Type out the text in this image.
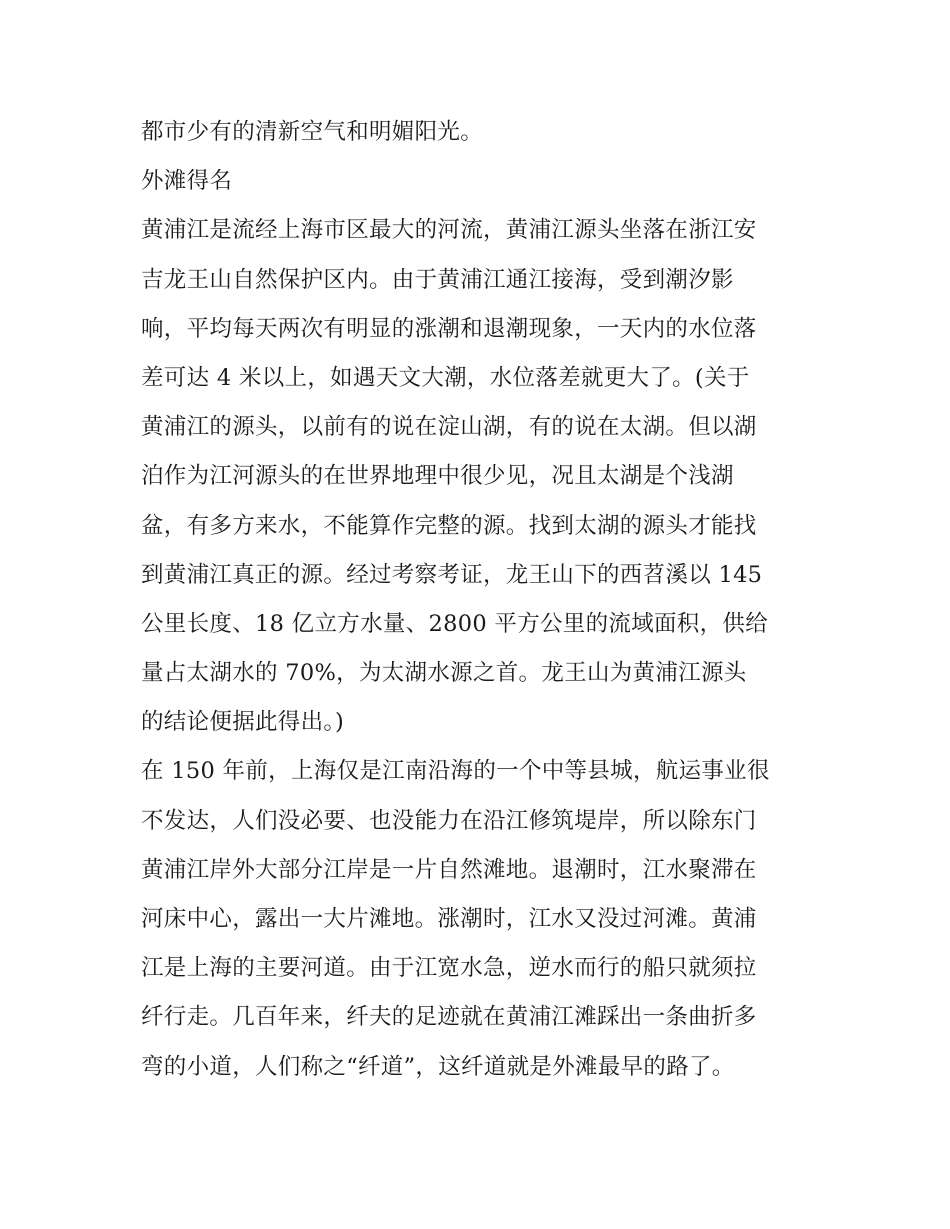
都市少有的清新空气和明媚阳光。
外滩得名
黄浦江是流经上海市区最大的河流，黄浦江源头坐落在浙江安
吉龙王山自然保护区内。由于黄浦江通江接海，受到潮汐影
响，平均每天两次有明显的涨潮和退潮现象，一天内的水位落
差可达 4 米以上，如遇天文大潮，水位落差就更大了。(关于
黄浦江的源头，以前有的说在淀山湖，有的说在太湖。但以湖
泊作为江河源头的在世界地理中很少见，况且太湖是个浅湖
盆，有多方来水，不能算作完整的源。找到太湖的源头才能找
到黄浦江真正的源。经过考察考证，龙王山下的西苕溪以 145
公里长度、18 亿立方水量、2800 平方公里的流域面积，供给
量占太湖水的 70%，为太湖水源之首。龙王山为黄浦江源头
的结论便据此得出。)
在 150 年前，上海仅是江南沿海的一个中等县城，航运事业很
不发达，人们没必要、也没能力在沿江修筑堤岸，所以除东门
黄浦江岸外大部分江岸是一片自然滩地。退潮时，江水聚滞在
河床中心，露出一大片滩地。涨潮时，江水又没过河滩。黄浦
江是上海的主要河道。由于江宽水急，逆水而行的船只就须拉
纤行走。几百年来，纤夫的足迹就在黄浦江滩踩出一条曲折多
弯的小道，人们称之“纤道”，这纤道就是外滩最早的路了。
